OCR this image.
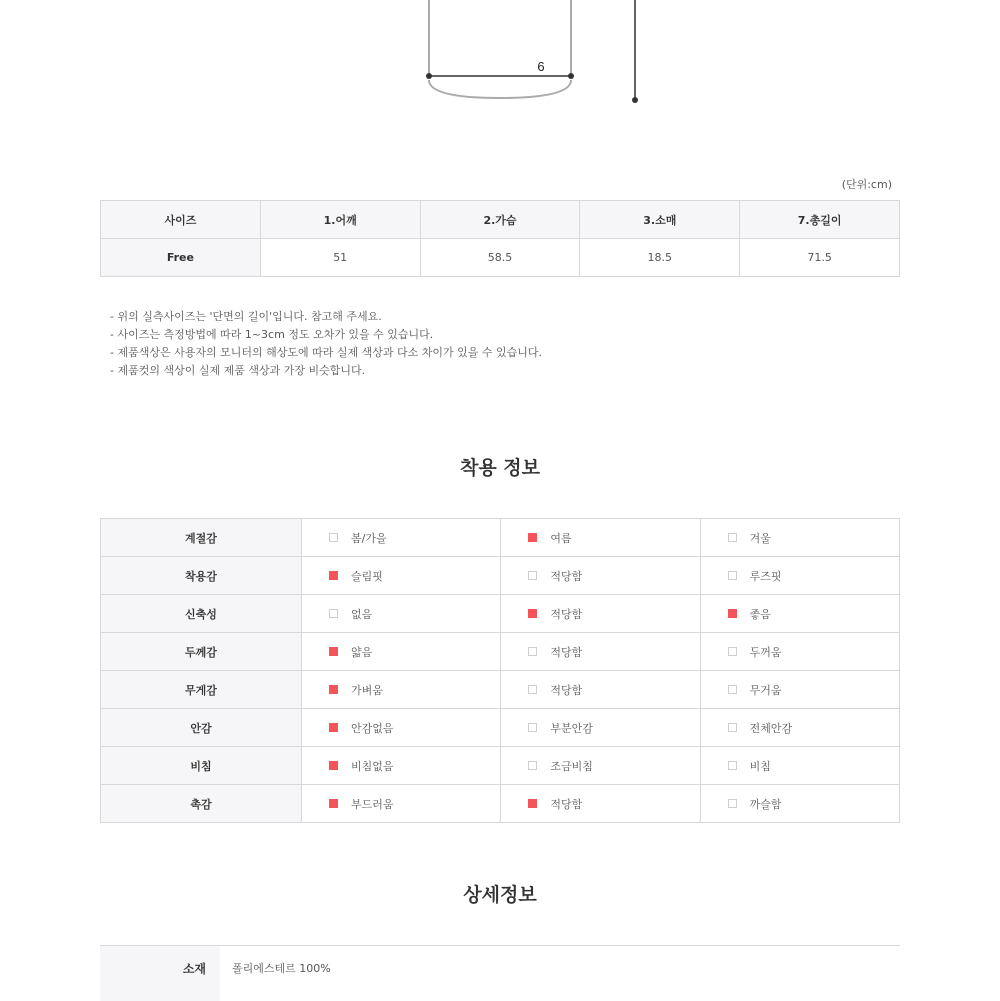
6
(단위:cm)
사이즈	1.어깨	2.가슴	3.소매	7.총길이
Free	51	58.5	18.5	71.5
- 위의 실측사이즈는 '단면의 길이'입니다. 참고해 주세요.
- 사이즈는 측정방법에 따라 1~3cm 정도 오차가 있을 수 있습니다.
- 제품색상은 사용자의 모니터의 해상도에 따라 실제 색상과 다소 차이가 있을 수 있습니다.
- 제품컷의 색상이 실제 제품 색상과 가장 비슷합니다.
착용 정보
계절감	봄/가을	여름	겨울

착용감	슬림핏	적당함	루즈핏

신축성	없음	적당함	좋음

두께감	얇음	적당함	두꺼움

무게감	가벼움	적당함	무거움

안감	안감없음	부분안감	전체안감

비침	비침없음	조금비침	비침

촉감	부드러움	적당함	까슬함
상세정보
소재	폴리에스테르 100%
